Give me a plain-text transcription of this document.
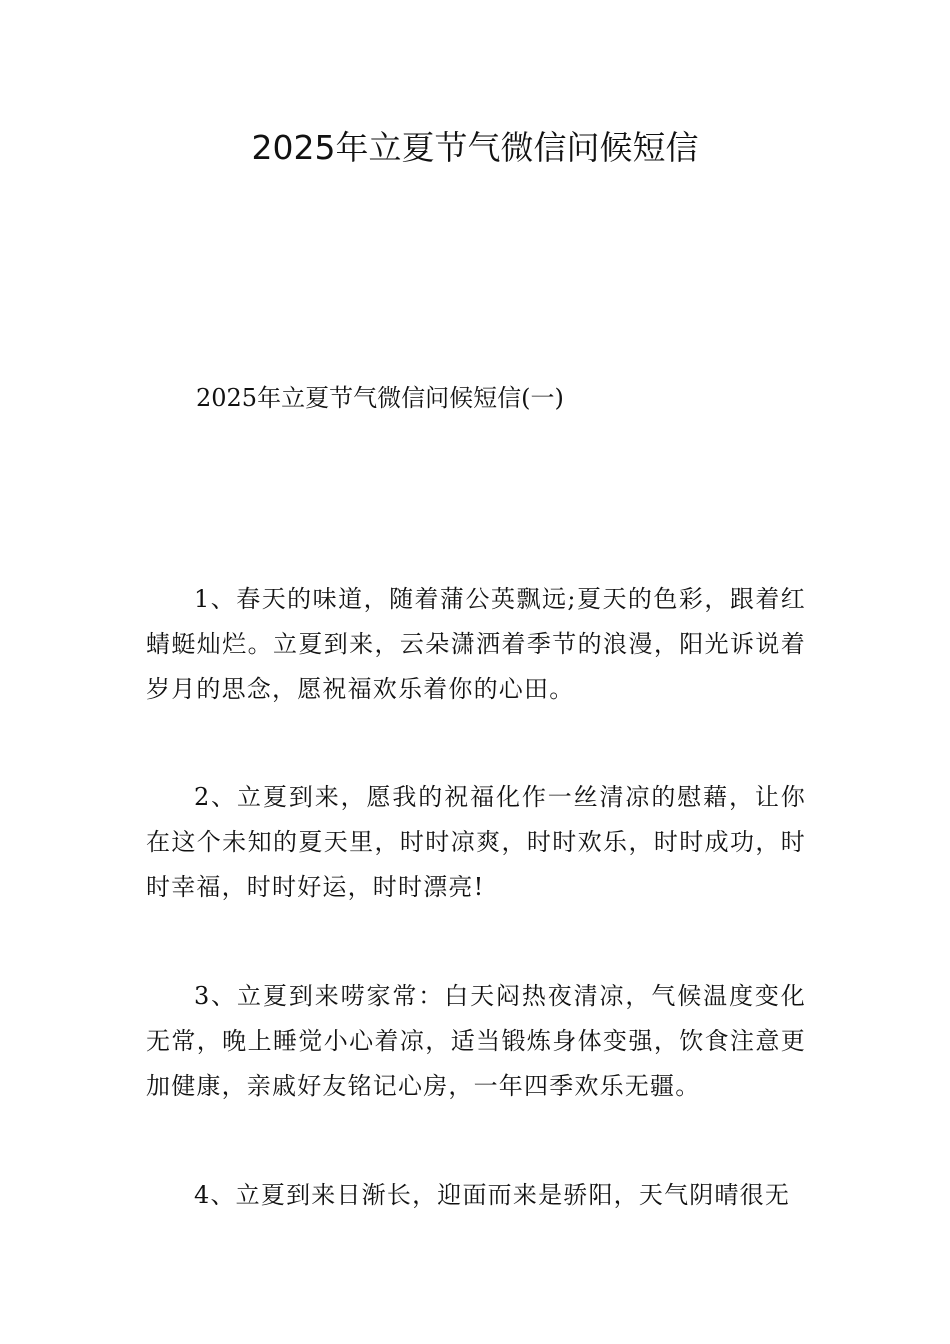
2025年立夏节气微信问候短信
2025年立夏节气微信问候短信(一)

1、春天的味道，随着蒲公英飘远;夏天的色彩，跟着红蜻蜓灿烂。立夏到来，云朵潇洒着季节的浪漫，阳光诉说着岁月的思念，愿祝福欢乐着你的心田。

2、立夏到来，愿我的祝福化作一丝清凉的慰藉，让你在这个未知的夏天里，时时凉爽，时时欢乐，时时成功，时时幸福，时时好运，时时漂亮!

3、立夏到来唠家常：白天闷热夜清凉，气候温度变化无常，晚上睡觉小心着凉，适当锻炼身体变强，饮食注意更加健康，亲戚好友铭记心房，一年四季欢乐无疆。

4、立夏到来日渐长，迎面而来是骄阳，天气阴晴很无
